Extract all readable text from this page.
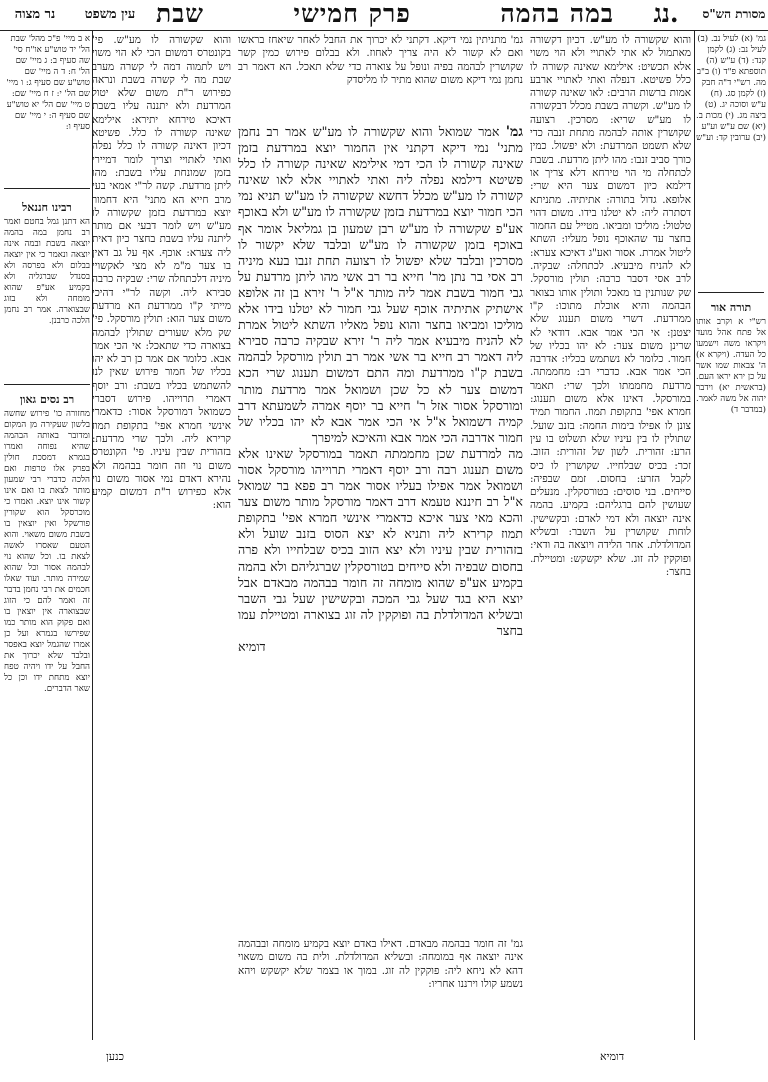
עין משפט
נר מצוה	במה בהמה
פרק חמישי
שבת	נג.	מסורת הש"ס
גמ' (א) לעיל נב. (ב) לעיל נב: (ג) לקמן קנד: (ד) ע"ש (ה) תוספתא פ"ד (ו) ב"ב מה. רש"י ד"ה חבק (ז) לקמן סג. (ח) ע"ש וסוכה יג. (ט) ביצה מג. (י) מכות ב. (יא) שם ע"ש וע"ע (יב) ערובין קד: וע"ש
א ב מיי' פ"כ מהל' שבת הל' יד טוש"ע או"ח סי' שה סעיף ב: ג מיי' שם הל' ח: ד ה מיי' שם טוש"ע שם סעיף ג: ו מיי' שם הל' י: ז ח מיי' שם: ט מיי' שם הל' יא טוש"ע שם סעיף ה: י מיי' שם סעיף ו:
תורה אור
רש"י א וקרב אותו אל פתח אהל מועד ויקראו משה וישמעו כל העדה. (ויקרא א) ה' צבאות שמו אשר על כן ירא יראו העם. (בראשית יא) וידבר יהוה אל משה לאמר. (במדבר ד)
רבינו חננאל
הא דתנן גמל בחטם ואמר רב נחמן במה בהמה יוצאה בשבת ובמה אינה יוצאה ונאמר כי אין יוצאה בבלום ולא בפרסה ולא בסנדל שברגליה ולא בקמיע אע"פ שהוא מומחה ולא בזוג שבצוארה. אמר רב נחמן הלכה כרבנן.
רב נסים גאון
מחזורה כו' פירוש שחשה בלשון שעקירה מן המקום ומדובר באותה הבהמה שהיא נפוחה ואמרו בגמרא דמסכת חולין בפרק אלו טרפות ואם הלכה כדברי רבי שמעון מותר לצאת בו ואם אינו קשור אינו יוצא. ואמרו כי מוכרסקל הוא שקורין פורשקל ואין יוצאין בו בשבת משום משאוי. והוא הטעם שאסרו לאשה לצאת בו. וכל שהוא נוי לבהמה אסור וכל שהוא שמירה מותר. ועוד שאלו חכמים את רבי נחמן בדבר זה ואמר להם כי הזוג שבצוארה אין יוצאין בו ואם פקוק הוא מותר כמו שפירשו בגמרא ועל כן אמרו שהגמל יוצא באפסר ובלבד שלא יכרוך את החבל על ידו ויהיה טפח יוצא מתחת ידו וכן כל שאר הדברים.
גמ' מתניתין נמי דיקא. דקתני לא יכרוך את החבל לאחר שיאחז בראשו ואם לא קשור לא היה צריך לאחוז. ולא בבלום פירוש כמין קשר שקושרין לבהמה בפיה ונופל על צוארה כדי שלא תאכל. הא דאמר רב נחמן נמי דיקא משום שהוא מתיר לו מליסדק

גמ' אמר שמואל והוא שקשורה לו מע"ש אמר רב נחמן מתני' נמי דיקא דקתני אין החמור יוצא במרדעת בזמן שאינה קשורה לו הכי דמי אילימא שאינה קשורה לו כלל פשיטא דילמא נפלה ליה ואתי לאתויי אלא לאו שאינה קשורה לו מע"ש מכלל דחשא שקשורה לו מע"ש תניא נמי הכי חמור יוצא במרדעת בזמן שקשורה לו מע"ש ולא באוכף אע"פ שקשורה לו מע"ש רבן שמעון בן גמליאל אומר אף באוכף בזמן שקשורה לו מע"ש ובלבד שלא יקשור לו מסרכין ובלבד שלא יפשול לו רצועה תחת זנבו בעא מיניה רב אסי בר נתן מר' חייא בר רב אשי מהו ליתן מרדעת על גבי חמור בשבת אמר ליה מותר א"ל ר' זירא בן זה אלופא אישתיק אתיתיה אוכף שעל גבי חמור לא יטלנו בידו אלא מוליכו ומביאו בחצר והוא נופל מאליו השתא ליטול אמרת לא להניח מיבעיא אמר ליה ר' זירא שבקיה כרבה סבירא ליה דאמר רב חייא בר אשי אמר רב תולין מורסקל לבהמה בשבת ק"ו ממרדעת ומה התם דמשום תענוג שרי הכא דמשום צער לא כל שכן ושמואל אמר מרדעת מותר ומורסקל אסור אזל ר' חייא בר יוסף אמרה לשמעתא דרב קמיה דשמואל א"ל אי הכי אמר אבא לא יהו בכליו של חמור אדרבה הכי אמר אבא והאיכא למיפרך

מה למרדעת שכן מחממתה תאמר במורסקל שאינו אלא משום תענוג רבה ורב יוסף דאמרי תרוייהו מורסקל אסור ושמואל אמר אפילו בעליו אסור אמר רב פפא בר שמואל א"ל רב חיננא טעמא דרב דאמר מורסקל מותר משום צער והכא מאי צער איכא כדאמרי אינשי חמרא אפי' בתקופת תמוז קרירא ליה ותניא לא יצא הסוס בזנב שועל ולא בזהורית שבין עיניו ולא יצא הזוב בכיס שבלחייו ולא פרה בחסום שבפיה ולא סייחים בטורסקלין שברגליהם ולא בהמה בקמיע אע"פ שהוא מומחה זה חומר בבהמה מבאדם אבל יוצא היא בגד שעל גבי המכה ובקשישין שעל גבי השבר ובשליא המדולדלת בה ופוקקין לה זוג בצוארה ומטיילת עמו בחצר

דומיא

והוא שקשורה לו מע"ש. דכיון דקשורה מאתמול לא אתי לאתויי ולא הוי משוי אלא תכשיט: אילימא שאינה קשורה לו כלל פשיטא. דנפלה ואתי לאתויי ארבע אמות ברשות הרבים: לאו שאינה קשורה לו מע"ש. וקשרה בשבת מכלל דבקשורה לו מע"ש שריא: מסרכין. רצועה שקושרין אותה לבהמה מתחת זנבה כדי שלא תשמט המרדעת: ולא יפשול. כמין כורך סביב זנבו: מהו ליתן מרדעת. בשבת לכתחלה מי הוי טירחא דלא צריך או דילמא כיון דמשום צער היא שרי: אלופא. גדול בתורה: אתיתיה. מתניתא דסתרה ליה: לא יטלנו בידו. משום דהוי טלטול: מוליכו ומביאו. מטייל עם החמור בחצר עד שהאוכף נופל מעליו: השתא ליטול אמרת. אסור ואע"ג דאיכא צערא: לא להניח מיבעיא. לכתחלה: שבקיה. לרב אסי דסבר כרבה: תולין מורסקל. שק שנותנין בו מאכל ותולין אותו בצואר הבהמה והיא אוכלת מתוכו: ק"ו ממרדעת. דשרי משום תענוג שלא יצטנן: אי הכי אמר אבא. דודאי לא שרינן משום צער: לא יהו בכליו של חמור. כלומר לא נשתמש בכליו: אדרבה הכי אמר אבא. כדברי רב: מחממתה. מרדעת מחממתו ולכך שרי: תאמר במורסקל. דאינו אלא משום תענוג: חמרא אפי' בתקופת תמוז. החמור תמיד צונן לו אפילו בימות החמה: בזנב שועל. שתולין לו בין עיניו שלא תשלוט בו עין הרע: זהורית. לשון של זהורית: הזוב. זכר: בכיס שבלחייו. שקושרין לו כיס לקבל הזרע: בחסום. זמם שבפיה: סייחים. בני סוסים: בטורסקלין. מנעלים שעושין להם ברגליהם: בקמיע. בהמה אינה יוצאה ולא דמי לאדם: ובקשישין. לוחות שקושרין על השבר: ובשליא המדולדלת. אחר הלידה ויוצאה בה ודאי: ופוקקין לה זוג. שלא יקשקש: ומטיילת. בחצר:
והוא שקשורה לו מע"ש. פי' בקונטרס דמשום הכי לא הוי משוי ויש לתמוה דמה לי קשרה מערב שבת מה לי קשרה בשבת ונראה כפירוש ר"ת משום שלא יטול המרדעת ולא יתננה עליו בשבת דאיכא טירחא יתירא: אילימא שאינה קשורה לו כלל. פשיטא דכיון דאינה קשורה לו כלל נפלה ואתי לאתויי וצריך לומר דמיירי בזמן שמונחת עליו בשבת: מהו ליתן מרדעת. קשה לר"י אמאי בעי מרב חייא הא מתני' היא דחמור יוצא במרדעת בזמן שקשורה לו מע"ש ויש לומר דבעי אם מותר ליתנה עליו בשבת בחצר כיון דאית ליה צערא: אוכף. אף על גב דאין בו צער מ"מ לא מצי לאקשויי מיניה דלכתחלה שרי: שבקיה כרבה סבירא ליה. וקשה לר"י דהיכי מייתי ק"ו ממרדעת הא מרדעת משום צער הוא: תולין מורסקל. פי' שק מלא שעורים שתולין לבהמה בצוארה כדי שתאכל: אי הכי אמר אבא. כלומר אם אמר כן רב לא יהו בכליו של חמור פירוש שאין לנו להשתמש בכליו בשבת: ורב יוסף דאמרי תרוייהו. פירוש דסברי כשמואל דמורסקל אסור: כדאמרי אינשי חמרא אפי' בתקופת תמוז קרירא ליה. ולכך שרי מרדעת: בזהורית שבין עיניו. פי' הקונטרס משום נוי וזה חומר בבהמה ולא נהירא דאדם נמי אסור משום נוי אלא כפירוש ר"ת דמשום קמיע הוא:
גמ' זה חומר בבהמה מבאדם. דאילו באדם יוצא בקמיע מומחה ובבהמה אינה יוצאה אף במומחה: ובשליא המדולדלת. ולית בה משום משאוי דהא לא ניחא ליה: פוקקין לה זוג. במוך או בצמר שלא יקשקש ויהא נשמע קולו וירננו אחריו:
כנען	דומיא
